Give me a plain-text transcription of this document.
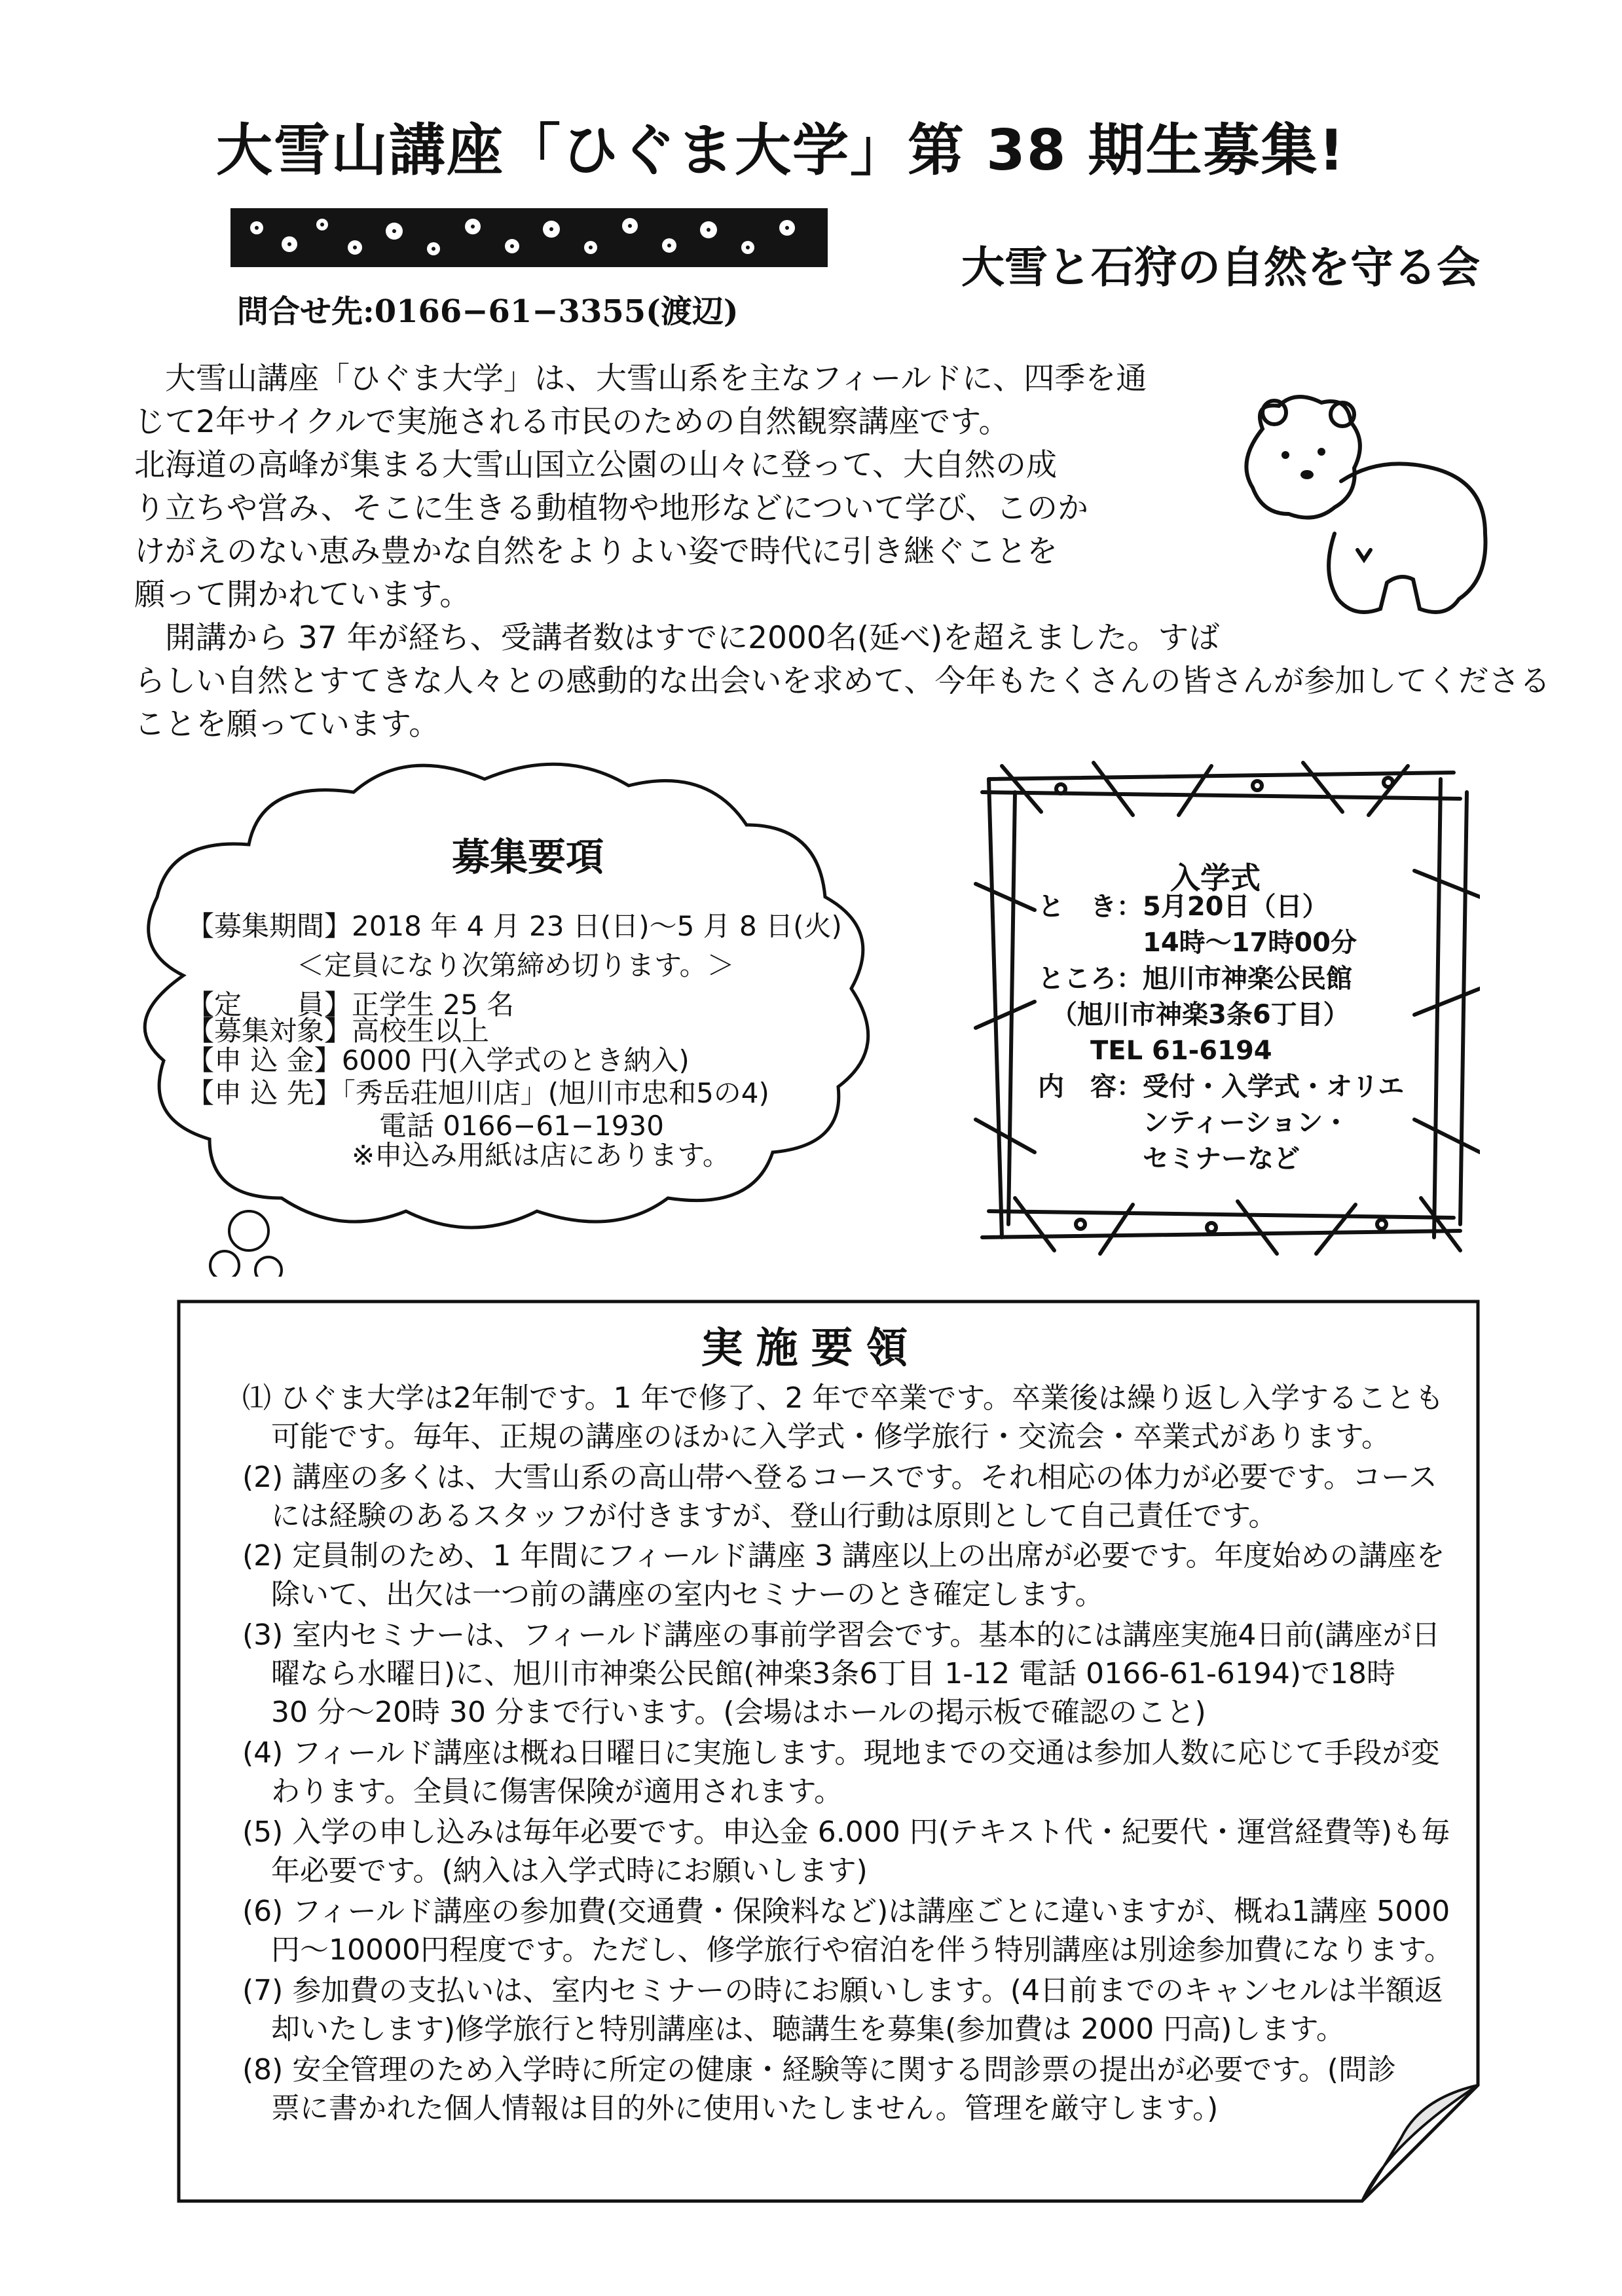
大雪山講座「ひぐま大学」第 38 期生募集!
大雪と石狩の自然を守る会
問合せ先:0166−61−3355(渡辺)
　大雪山講座「ひぐま大学」は、大雪山系を主なフィールドに、四季を通
じて2年サイクルで実施される市民のための自然観察講座です。
北海道の高峰が集まる大雪山国立公園の山々に登って、大自然の成
り立ちや営み、そこに生きる動植物や地形などについて学び、このか
けがえのない恵み豊かな自然をよりよい姿で時代に引き継ぐことを
願って開かれています。
　開講から 37 年が経ち、受講者数はすでに2000名(延べ)を超えました。すば
らしい自然とすてきな人々との感動的な出会いを求めて、今年もたくさんの皆さんが参加してくださる
ことを願っています。
募集要項
【募集期間】2018 年 4 月 23 日(日)〜5 月 8 日(火)
　　　　＜定員になり次第締め切ります。＞
【定　　員】正学生 25 名
【募集対象】高校生以上
【申 込 金】6000 円(入学式のとき納入)
【申 込 先】「秀岳荘旭川店」(旭川市忠和5の4)
　　　　　　　電話 0166−61−1930
　　　　　　※申込み用紙は店にあります。
入学式
と　き：5月20日（日）
　　　　14時〜17時00分
ところ：旭川市神楽公民館
　（旭川市神楽3条6丁目）
　　TEL 61-6194
内　容：受付・入学式・オリエ
　　　　ンティーション・
　　　　セミナーなど
実施要領
⑴ ひぐま大学は2年制です。1 年で修了、2 年で卒業です。卒業後は繰り返し入学することも
　可能です。毎年、正規の講座のほかに入学式・修学旅行・交流会・卒業式があります。
(2) 講座の多くは、大雪山系の高山帯へ登るコースです。それ相応の体力が必要です。コース
　には経験のあるスタッフが付きますが、登山行動は原則として自己責任です。
(2) 定員制のため、1 年間にフィールド講座 3 講座以上の出席が必要です。年度始めの講座を
　除いて、出欠は一つ前の講座の室内セミナーのとき確定します。
(3) 室内セミナーは、フィールド講座の事前学習会です。基本的には講座実施4日前(講座が日
　曜なら水曜日)に、旭川市神楽公民館(神楽3条6丁目 1-12 電話 0166-61-6194)で18時
　30 分〜20時 30 分まで行います。(会場はホールの掲示板で確認のこと)
(4) フィールド講座は概ね日曜日に実施します。現地までの交通は参加人数に応じて手段が変
　わります。全員に傷害保険が適用されます。
(5) 入学の申し込みは毎年必要です。申込金 6.000 円(テキスト代・紀要代・運営経費等)も毎
　年必要です。(納入は入学式時にお願いします)
(6) フィールド講座の参加費(交通費・保険料など)は講座ごとに違いますが、概ね1講座 5000
　円〜10000円程度です。ただし、修学旅行や宿泊を伴う特別講座は別途参加費になります。
(7) 参加費の支払いは、室内セミナーの時にお願いします。(4日前までのキャンセルは半額返
　却いたします)修学旅行と特別講座は、聴講生を募集(参加費は 2000 円高)します。
(8) 安全管理のため入学時に所定の健康・経験等に関する問診票の提出が必要です。(問診
　票に書かれた個人情報は目的外に使用いたしません。管理を厳守します。)
